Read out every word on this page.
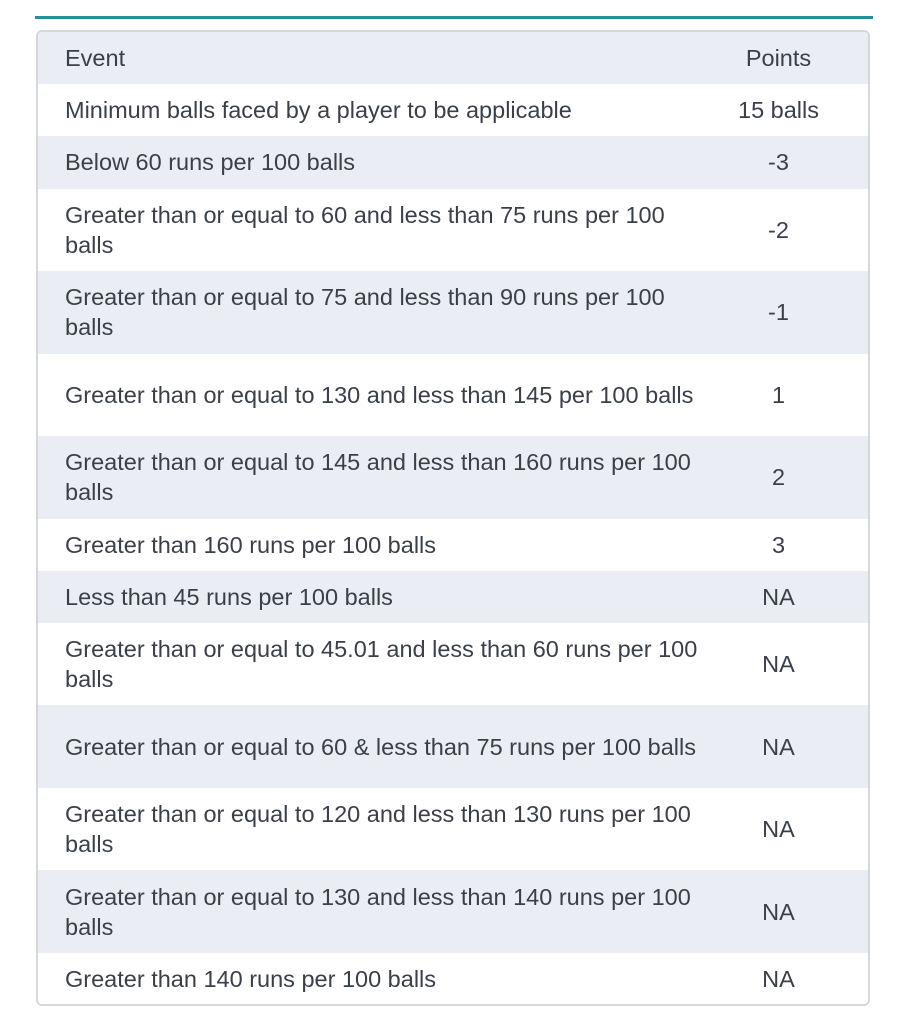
Event	Points
Minimum balls faced by a player to be applicable	15 balls
Below 60 runs per 100 balls	-3
Greater than or equal to 60 and less than 75 runs per 100 balls	-2
Greater than or equal to 75 and less than 90 runs per 100 balls	-1
Greater than or equal to 130 and less than 145 per 100 balls	1
Greater than or equal to 145 and less than 160 runs per 100 balls	2
Greater than 160 runs per 100 balls	3
Less than 45 runs per 100 balls	NA
Greater than or equal to 45.01 and less than 60 runs per 100 balls	NA
Greater than or equal to 60 & less than 75 runs per 100 balls	NA
Greater than or equal to 120 and less than 130 runs per 100 balls	NA
Greater than or equal to 130 and less than 140 runs per 100 balls	NA
Greater than 140 runs per 100 balls	NA
